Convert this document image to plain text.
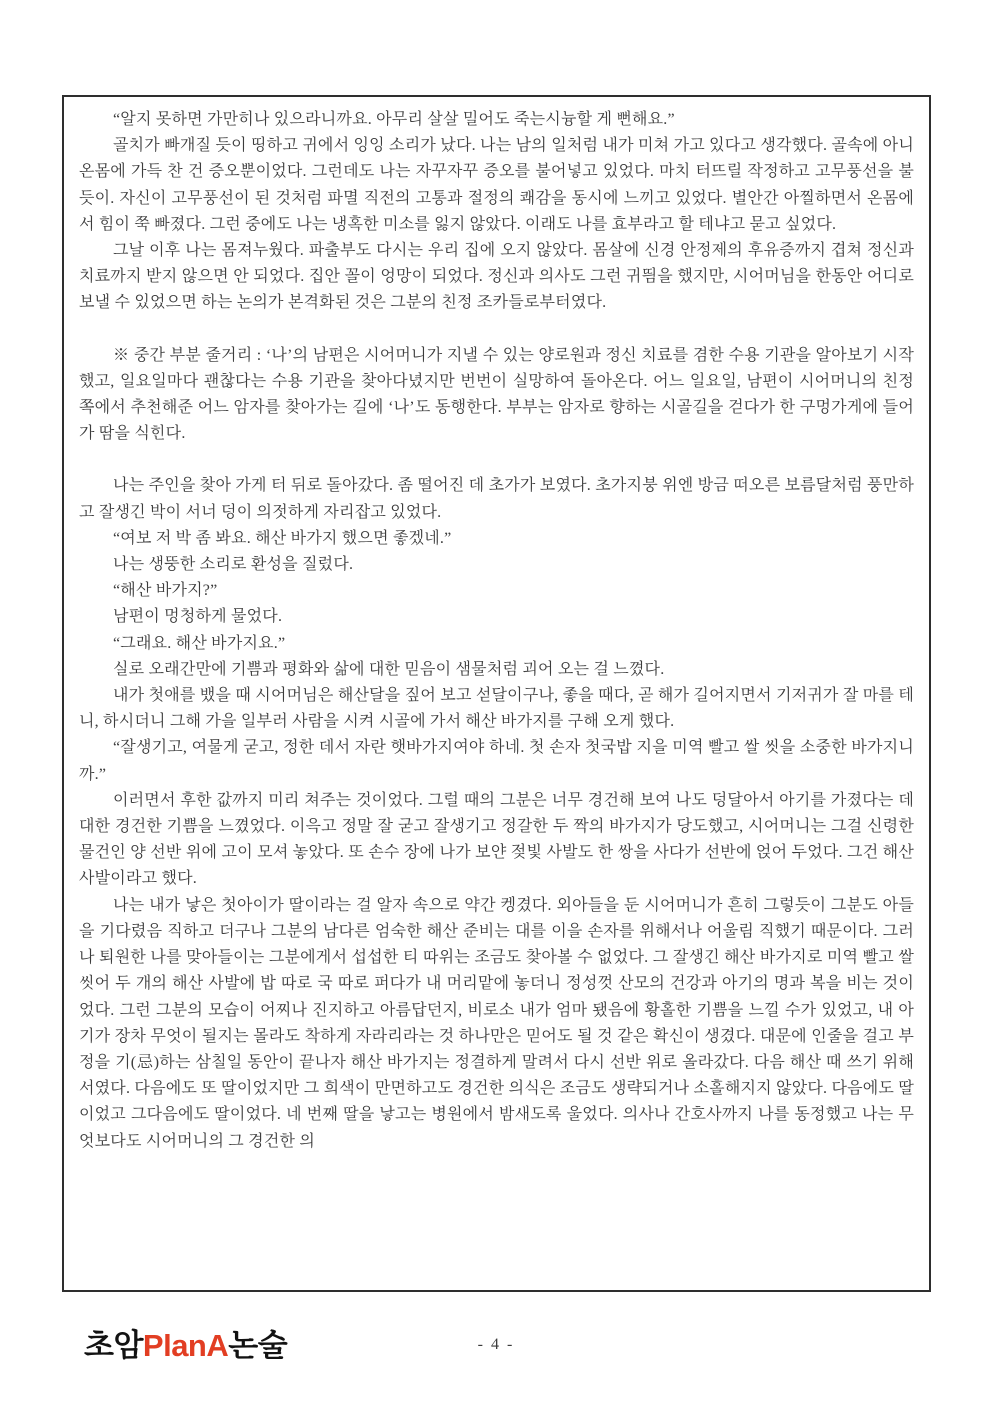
“알지 못하면 가만히나 있으라니까요. 아무리 살살 밀어도 죽는시늉할 게 뻔해요.”

골치가 빠개질 듯이 띵하고 귀에서 잉잉 소리가 났다. 나는 남의 일처럼 내가 미쳐 가고 있다고 생각했다. 골속에 아니 온몸에 가득 찬 건 증오뿐이었다. 그런데도 나는 자꾸자꾸 증오를 불어넣고 있었다. 마치 터뜨릴 작정하고 고무풍선을 불듯이. 자신이 고무풍선이 된 것처럼 파멸 직전의 고통과 절정의 쾌감을 동시에 느끼고 있었다. 별안간 아찔하면서 온몸에서 힘이 쭉 빠졌다. 그런 중에도 나는 냉혹한 미소를 잃지 않았다. 이래도 나를 효부라고 할 테냐고 묻고 싶었다.

그날 이후 나는 몸져누웠다. 파출부도 다시는 우리 집에 오지 않았다. 몸살에 신경 안정제의 후유증까지 겹쳐 정신과 치료까지 받지 않으면 안 되었다. 집안 꼴이 엉망이 되었다. 정신과 의사도 그런 귀띔을 했지만, 시어머님을 한동안 어디로 보낼 수 있었으면 하는 논의가 본격화된 것은 그분의 친정 조카들로부터였다.

※ 중간 부분 줄거리 : ‘나’의 남편은 시어머니가 지낼 수 있는 양로원과 정신 치료를 겸한 수용 기관을 알아보기 시작했고, 일요일마다 괜찮다는 수용 기관을 찾아다녔지만 번번이 실망하여 돌아온다. 어느 일요일, 남편이 시어머니의 친정 쪽에서 추천해준 어느 암자를 찾아가는 길에 ‘나’도 동행한다. 부부는 암자로 향하는 시골길을 걷다가 한 구멍가게에 들어가 땀을 식힌다.

나는 주인을 찾아 가게 터 뒤로 돌아갔다. 좀 떨어진 데 초가가 보였다. 초가지붕 위엔 방금 떠오른 보름달처럼 풍만하고 잘생긴 박이 서너 덩이 의젓하게 자리잡고 있었다.

“여보 저 박 좀 봐요. 해산 바가지 했으면 좋겠네.”

나는 생뚱한 소리로 환성을 질렀다.

“해산 바가지?”

남편이 멍청하게 물었다.

“그래요. 해산 바가지요.”

실로 오래간만에 기쁨과 평화와 삶에 대한 믿음이 샘물처럼 괴어 오는 걸 느꼈다.

내가 첫애를 뱄을 때 시어머님은 해산달을 짚어 보고 섣달이구나, 좋을 때다, 곧 해가 길어지면서 기저귀가 잘 마를 테니, 하시더니 그해 가을 일부러 사람을 시켜 시골에 가서 해산 바가지를 구해 오게 했다.

“잘생기고, 여물게 굳고, 정한 데서 자란 햇바가지여야 하네. 첫 손자 첫국밥 지을 미역 빨고 쌀 씻을 소중한 바가지니까.”

이러면서 후한 값까지 미리 쳐주는 것이었다. 그럴 때의 그분은 너무 경건해 보여 나도 덩달아서 아기를 가졌다는 데 대한 경건한 기쁨을 느꼈었다. 이윽고 정말 잘 굳고 잘생기고 정갈한 두 짝의 바가지가 당도했고, 시어머니는 그걸 신령한 물건인 양 선반 위에 고이 모셔 놓았다. 또 손수 장에 나가 보얀 젖빛 사발도 한 쌍을 사다가 선반에 얹어 두었다. 그건 해산 사발이라고 했다.

나는 내가 낳은 첫아이가 딸이라는 걸 알자 속으로 약간 켕겼다. 외아들을 둔 시어머니가 흔히 그렇듯이 그분도 아들을 기다렸음 직하고 더구나 그분의 남다른 엄숙한 해산 준비는 대를 이을 손자를 위해서나 어울림 직했기 때문이다. 그러나 퇴원한 나를 맞아들이는 그분에게서 섭섭한 티 따위는 조금도 찾아볼 수 없었다. 그 잘생긴 해산 바가지로 미역 빨고 쌀 씻어 두 개의 해산 사발에 밥 따로 국 따로 퍼다가 내 머리맡에 놓더니 정성껏 산모의 건강과 아기의 명과 복을 비는 것이었다. 그런 그분의 모습이 어찌나 진지하고 아름답던지, 비로소 내가 엄마 됐음에 황홀한 기쁨을 느낄 수가 있었고, 내 아기가 장차 무엇이 될지는 몰라도 착하게 자라리라는 것 하나만은 믿어도 될 것 같은 확신이 생겼다. 대문에 인줄을 걸고 부정을 기(忌)하는 삼칠일 동안이 끝나자 해산 바가지는 정결하게 말려서 다시 선반 위로 올라갔다. 다음 해산 때 쓰기 위해서였다. 다음에도 또 딸이었지만 그 희색이 만면하고도 경건한 의식은 조금도 생략되거나 소홀해지지 않았다. 다음에도 딸이었고 그다음에도 딸이었다. 네 번째 딸을 낳고는 병원에서 밤새도록 울었다. 의사나 간호사까지 나를 동정했고 나는 무엇보다도 시어머니의 그 경건한 의

초암PlanA논술	- 4 -
